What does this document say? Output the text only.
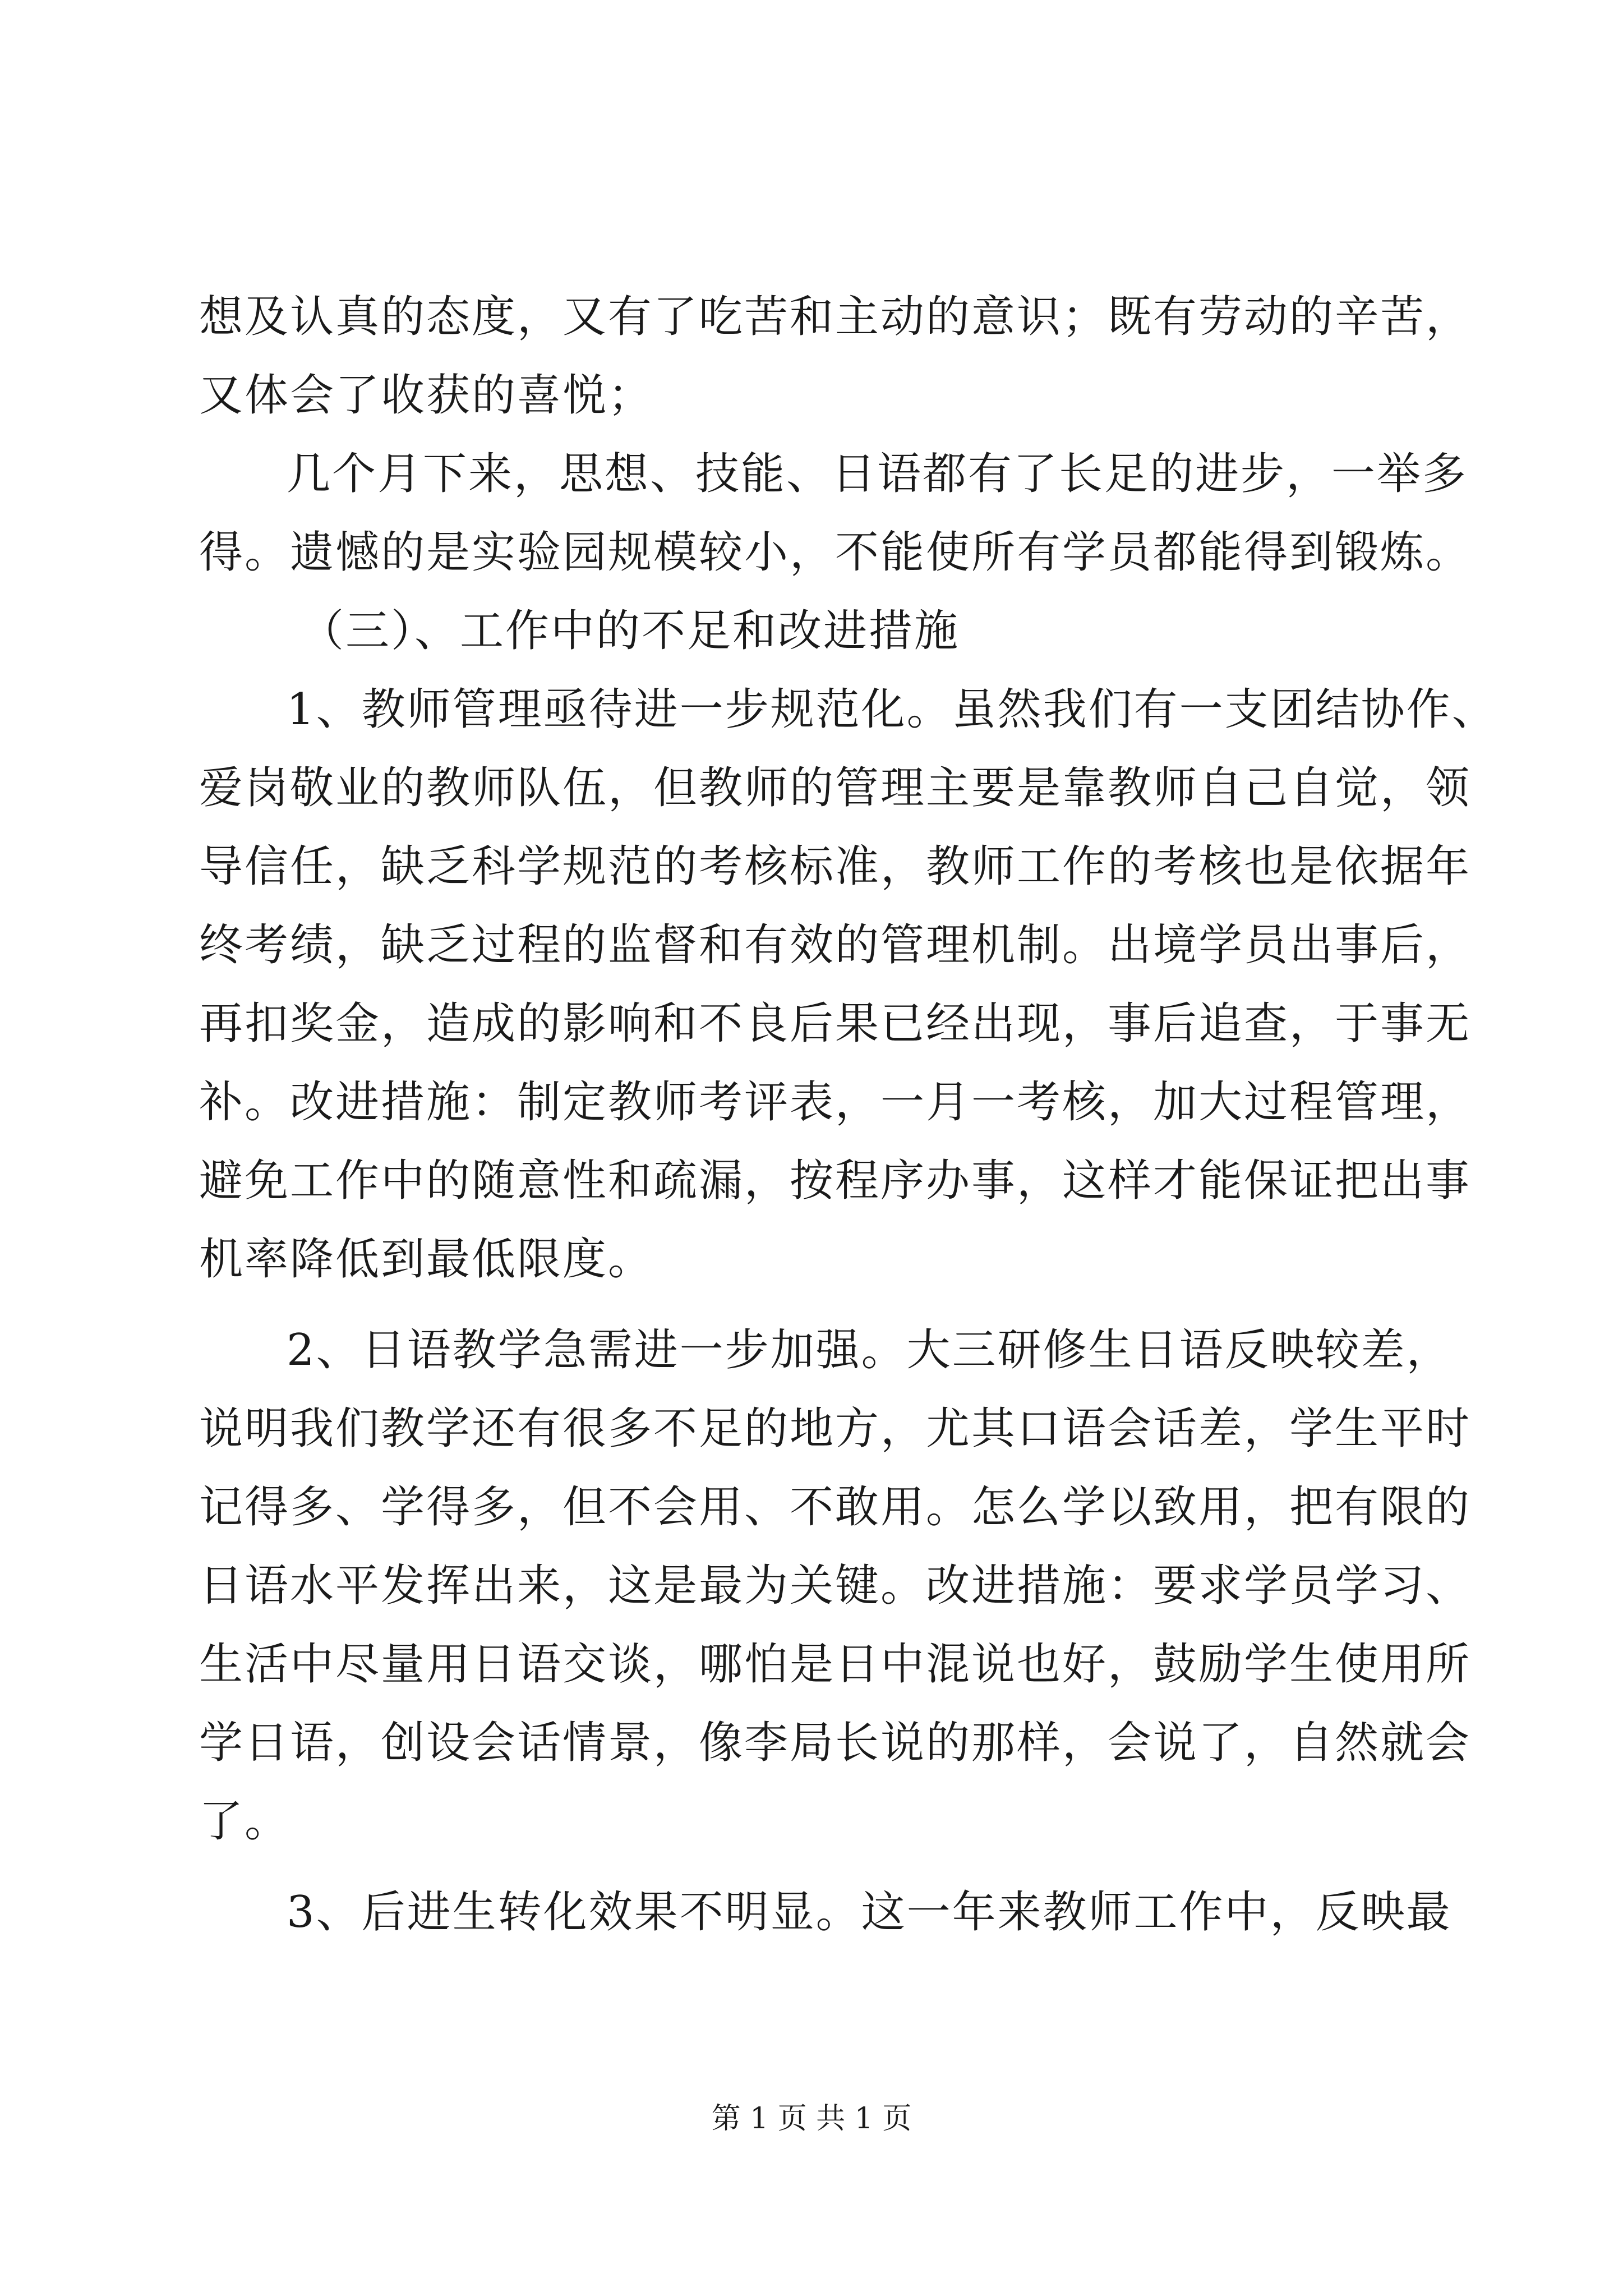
想及认真的态度，又有了吃苦和主动的意识；既有劳动的辛苦，
又体会了收获的喜悦；
几个月下来，思想、技能、日语都有了长足的进步，一举多
得。遗憾的是实验园规模较小，不能使所有学员都能得到锻炼。
（三）、工作中的不足和改进措施
1、教师管理亟待进一步规范化。虽然我们有一支团结协作、
爱岗敬业的教师队伍，但教师的管理主要是靠教师自己自觉，领
导信任，缺乏科学规范的考核标准，教师工作的考核也是依据年
终考绩，缺乏过程的监督和有效的管理机制。出境学员出事后，
再扣奖金，造成的影响和不良后果已经出现，事后追查，于事无
补。改进措施：制定教师考评表，一月一考核，加大过程管理，
避免工作中的随意性和疏漏，按程序办事，这样才能保证把出事
机率降低到最低限度。
2、日语教学急需进一步加强。大三研修生日语反映较差，
说明我们教学还有很多不足的地方，尤其口语会话差，学生平时
记得多、学得多，但不会用、不敢用。怎么学以致用，把有限的
日语水平发挥出来，这是最为关键。改进措施：要求学员学习、
生活中尽量用日语交谈，哪怕是日中混说也好，鼓励学生使用所
学日语，创设会话情景，像李局长说的那样，会说了，自然就会
了。
3、后进生转化效果不明显。这一年来教师工作中，反映最
第 1 页 共 1 页
